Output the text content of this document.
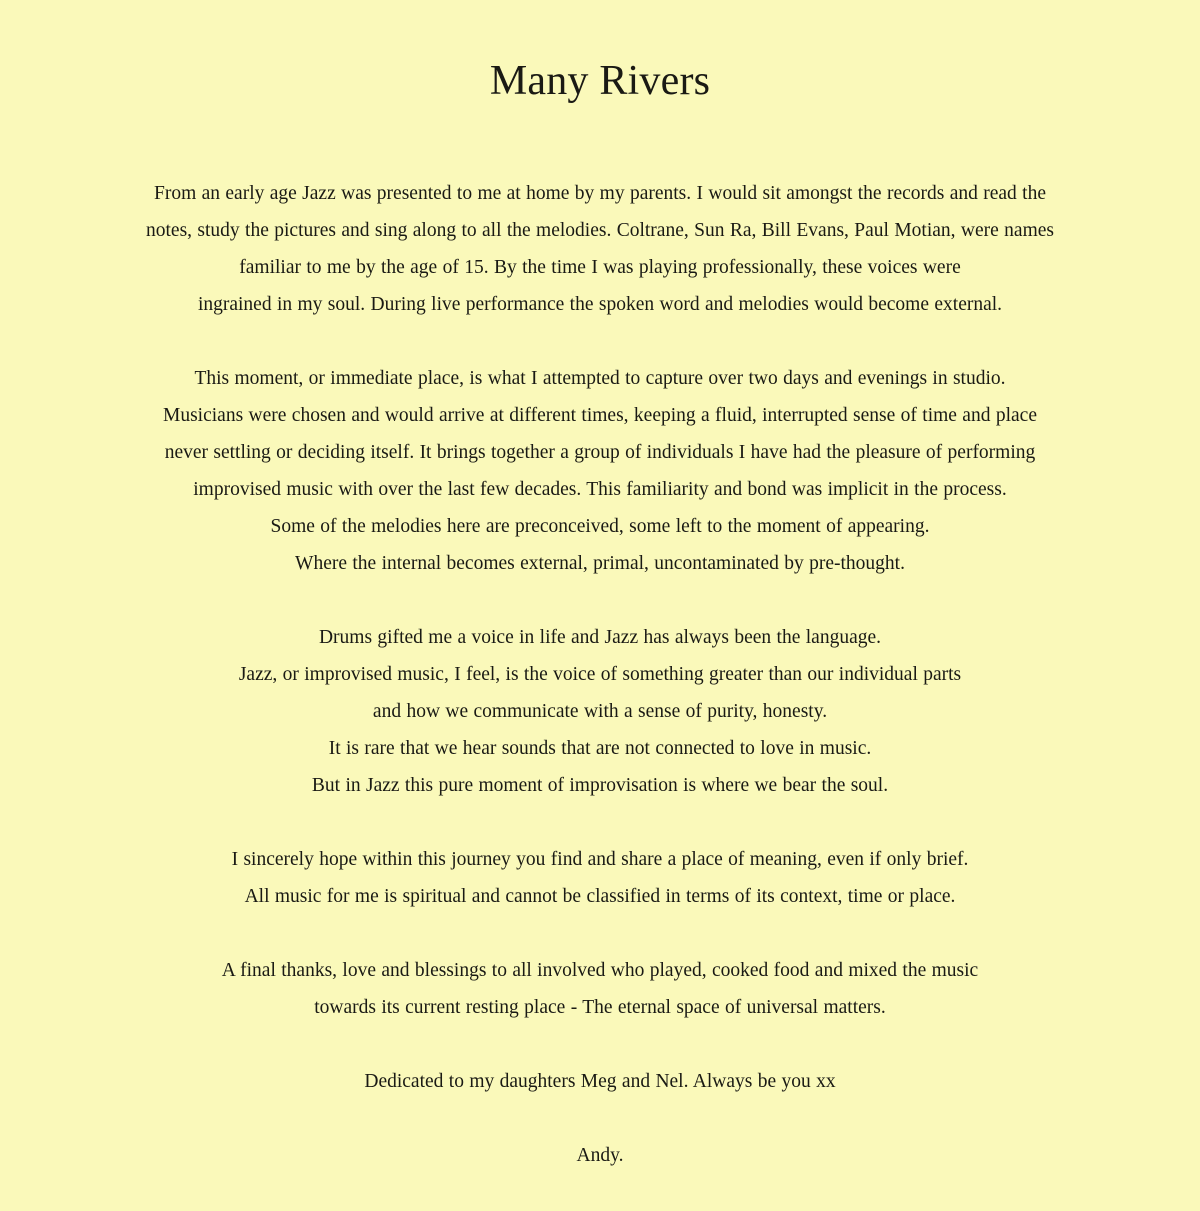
Many Rivers

From an early age Jazz was presented to me at home by my parents. I would sit amongst the records and read the
notes, study the pictures and sing along to all the melodies. Coltrane, Sun Ra, Bill Evans, Paul Motian, were names
familiar to me by the age of 15. By the time I was playing professionally, these voices were
ingrained in my soul. During live performance the spoken word and melodies would become external.

This moment, or immediate place, is what I attempted to capture over two days and evenings in studio.
Musicians were chosen and would arrive at different times, keeping a fluid, interrupted sense of time and place
never settling or deciding itself. It brings together a group of individuals I have had the pleasure of performing
improvised music with over the last few decades. This familiarity and bond was implicit in the process.
Some of the melodies here are preconceived, some left to the moment of appearing.
Where the internal becomes external, primal, uncontaminated by pre-thought.

Drums gifted me a voice in life and Jazz has always been the language.
Jazz, or improvised music, I feel, is the voice of something greater than our individual parts
and how we communicate with a sense of purity, honesty.
It is rare that we hear sounds that are not connected to love in music.
But in Jazz this pure moment of improvisation is where we bear the soul.

I sincerely hope within this journey you find and share a place of meaning, even if only brief.
All music for me is spiritual and cannot be classified in terms of its context, time or place.

A final thanks, love and blessings to all involved who played, cooked food and mixed the music
towards its current resting place - The eternal space of universal matters.

Dedicated to my daughters Meg and Nel. Always be you xx

Andy.
